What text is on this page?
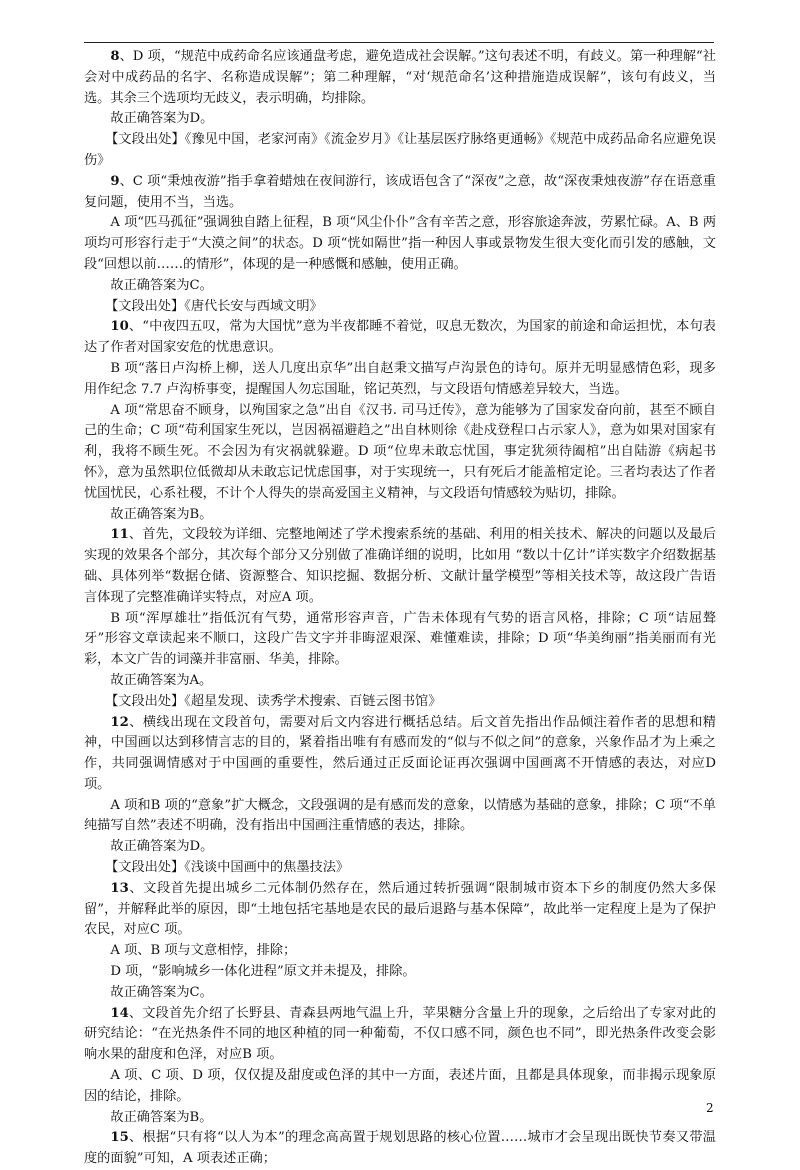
8、D 项，“规范中成药命名应该通盘考虑，避免造成社会误解。”这句表述不明，有歧义。第一种理解“社会对中成药品的名字、名称造成误解”；第二种理解，“对‘规范命名’这种措施造成误解”，该句有歧义，当选。其余三个选项均无歧义，表示明确，均排除。

故正确答案为D。

【文段出处】《豫见中国，老家河南》《流金岁月》《让基层医疗脉络更通畅》《规范中成药品命名应避免误伤》

9、C 项“秉烛夜游”指手拿着蜡烛在夜间游行，该成语包含了“深夜”之意，故“深夜秉烛夜游”存在语意重复问题，使用不当，当选。

A 项“匹马孤征”强调独自踏上征程，B 项“风尘仆仆”含有辛苦之意，形容旅途奔波，劳累忙碌。A、B 两项均可形容行走于“大漠之间”的状态。D 项“恍如隔世”指一种因人事或景物发生很大变化而引发的感触，文段“回想以前……的情形”，体现的是一种感慨和感触，使用正确。

故正确答案为C。

【文段出处】《唐代长安与西域文明》

10、“中夜四五叹，常为大国忧”意为半夜都睡不着觉，叹息无数次，为国家的前途和命运担忧，本句表达了作者对国家安危的忧患意识。

B 项“落日卢沟桥上柳，送人几度出京华”出自赵秉文描写卢沟景色的诗句。原并无明显感情色彩，现多用作纪念 7.7 卢沟桥事变，提醒国人勿忘国耻，铭记英烈，与文段语句情感差异较大，当选。

A 项“常思奋不顾身，以殉国家之急”出自《汉书. 司马迁传》，意为能够为了国家发奋向前，甚至不顾自己的生命；C 项“苟利国家生死以，岂因祸福避趋之”出自林则徐《赴戍登程口占示家人》，意为如果对国家有利，我将不顾生死。不会因为有灾祸就躲避。D 项“位卑未敢忘忧国，事定犹须待阖棺”出自陆游《病起书怀》，意为虽然职位低微却从未敢忘记忧虑国事，对于实现统一，只有死后才能盖棺定论。三者均表达了作者忧国忧民，心系社稷，不计个人得失的崇高爱国主义精神，与文段语句情感较为贴切，排除。

故正确答案为B。

11、首先，文段较为详细、完整地阐述了学术搜索系统的基础、利用的相关技术、解决的问题以及最后实现的效果各个部分，其次每个部分又分别做了准确详细的说明，比如用 “数以十亿计”详实数字介绍数据基础、具体列举“数据仓储、资源整合、知识挖掘、数据分析、文献计量学模型”等相关技术等，故这段广告语言体现了完整准确详实特点，对应A 项。

B 项“浑厚雄壮”指低沉有气势，通常形容声音，广告未体现有气势的语言风格，排除；C 项“诘屈聱牙”形容文章读起来不顺口，这段广告文字并非晦涩艰深、难懂难读，排除；D 项“华美绚丽”指美丽而有光彩，本文广告的词藻并非富丽、华美，排除。

故正确答案为A。

【文段出处】《超星发现、读秀学术搜索、百链云图书馆》

12、横线出现在文段首句，需要对后文内容进行概括总结。后文首先指出作品倾注着作者的思想和精神，中国画以达到移情言志的目的，紧着指出唯有有感而发的“似与不似之间”的意象，兴象作品才为上乘之作，共同强调情感对于中国画的重要性，然后通过正反面论证再次强调中国画离不开情感的表达，对应D 项。

A 项和B 项的“意象”扩大概念，文段强调的是有感而发的意象，以情感为基础的意象，排除；C 项“不单纯描写自然”表述不明确，没有指出中国画注重情感的表达，排除。

故正确答案为D。

【文段出处】《浅谈中国画中的焦墨技法》

13、文段首先提出城乡二元体制仍然存在，然后通过转折强调“限制城市资本下乡的制度仍然大多保留”，并解释此举的原因，即“土地包括宅基地是农民的最后退路与基本保障”，故此举一定程度上是为了保护农民，对应C 项。

A 项、B 项与文意相悖，排除；

D 项，“影响城乡一体化进程”原文并未提及，排除。

故正确答案为C。

14、文段首先介绍了长野县、青森县两地气温上升，苹果糖分含量上升的现象，之后给出了专家对此的研究结论：“在光热条件不同的地区种植的同一种葡萄，不仅口感不同，颜色也不同”，即光热条件改变会影响水果的甜度和色泽，对应B 项。

A 项、C 项、D 项，仅仅提及甜度或色泽的其中一方面，表述片面，且都是具体现象，而非揭示现象原因的结论，排除。

故正确答案为B。

15、根据“只有将“以人为本”的理念高高置于规划思路的核心位置……城市才会呈现出既快节奏又带温度的面貌”可知，A 项表述正确；

2
